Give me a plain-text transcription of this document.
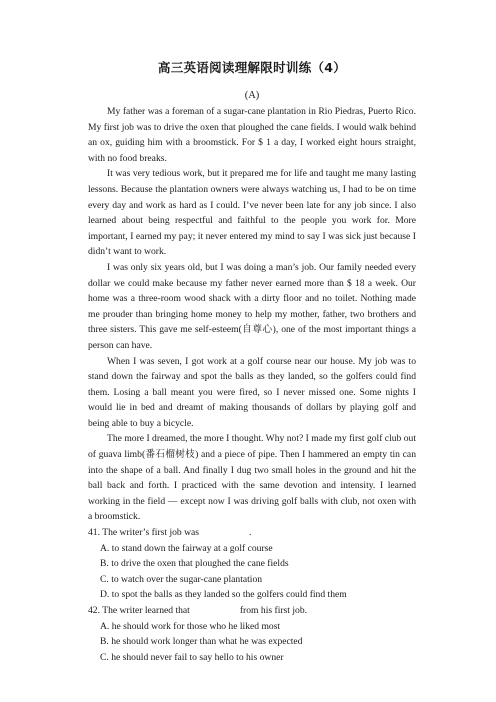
高三英语阅读理解限时训练（4）
(A)

My father was a foreman of a sugar-cane plantation in Rio Piedras, Puerto Rico. My first job was to drive the oxen that ploughed the cane fields. I would walk behind an ox, guiding him with a broomstick. For $ 1 a day, I worked eight hours straight, with no food breaks.

It was very tedious work, but it prepared me for life and taught me many lasting lessons. Because the plantation owners were always watching us, I had to be on time every day and work as hard as I could. I’ve never been late for any job since. I also learned about being respectful and faithful to the people you work for. More important, I earned my pay; it never entered my mind to say I was sick just because I didn’t want to work.

I was only six years old, but I was doing a man’s job. Our family needed every dollar we could make because my father never earned more than $ 18 a week. Our home was a three-room wood shack with a dirty floor and no toilet. Nothing made me prouder than bringing home money to help my mother, father, two brothers and three sisters. This gave me self-esteem(自尊心), one of the most important things a person can have.

When I was seven, I got work at a golf course near our house. My job was to stand down the fairway and spot the balls as they landed, so the golfers could find them. Losing a ball meant you were fired, so I never missed one. Some nights I would lie in bed and dreamt of making thousands of dollars by playing golf and being able to buy a bicycle.

The more I dreamed, the more I thought. Why not? I made my first golf club out of guava limb(番石榴树枝) and a piece of pipe. Then I hammered an empty tin can into the shape of a ball. And finally I dug two small holes in the ground and hit the ball back and forth. I practiced with the same devotion and intensity. I learned working in the field — except now I was driving golf balls with club, not oxen with a broomstick.

41. The writer’s first job was	.

A. to stand down the fairway at a golf course

B. to drive the oxen that ploughed the cane fields

C. to watch over the sugar-cane plantation

D. to spot the balls as they landed so the golfers could find them

42. The writer learned that	from his first job.

A. he should work for those who he liked most

B. he should work longer than what he was expected

C. he should never fail to say hello to his owner
